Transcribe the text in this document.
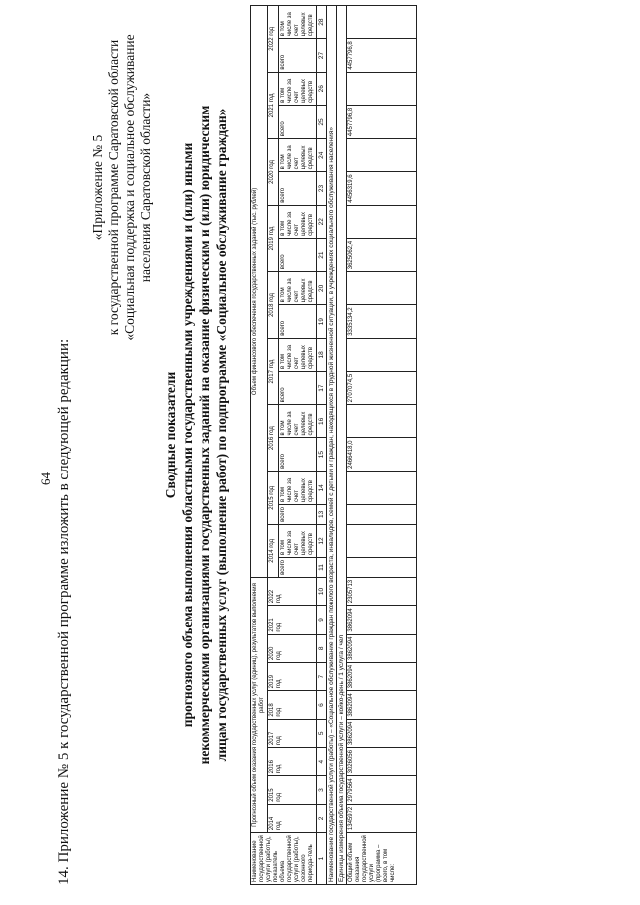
64 14. Приложение № 5 к государственной программе изложить в следующей редакции:
«Приложение № 5 к государственной программе Саратовской области «Социальная поддержка и социальное обслуживание населения Саратовской области»
Сводные показатели прогнозного объема выполнения областными государственными учреждениями и (или) иными некоммерческими организациями государственных заданий на оказание физическим и (или) юридическим лицам государственных услуг (выполнение работ) по подпрограмме «Социальное обслуживание граждан»
Наименование государственной услуги (работы), показатель объема государственной услуги (работы), сезонного периода-тель	Прогнозный объем оказания государственных услуг (единиц), результатов выполнения работ									Объем финансового обеспечения государственных заданий (тыс. рублей)																	
	2014 год	2015 год	2016 год	2017 год	2018 год	2019 год	2020 год	2021 год	2022 год	2014 год		2015 год		2016 год		2017 год		2018 год		2019 год		2020 год		2021 год		2022 год	
										всего	в том числе за счет целевых средств	всего	в том числе за счет целевых средств	всего	в том числе за счет целевых средств	всего	в том числе за счет целевых средств	всего	в том числе за счет целевых средств	всего	в том числе за счет целевых средств	всего	в том числе за счет целевых средств	всего	в том числе за счет целевых средств	всего	в том числе за счет целевых средств
1	2	3	4	5	6	7	8	9	10	11	12	13	14	15	16	17	18	19	20	21	22	23	24	25	26	27	28
Наименование государственной услуги (работы) – «Социальное обслуживание граждан пожилого возраста, инвалидов, семей с детьми и граждан, находящихся в трудной жизненной ситуации, в учреждениях социального обслуживания населения»																											
Единицы измерения объема государственной услуги – койко-день / 1 услуга / чел																											
Общий объем оказания государственной услуги (программа – всего, в том числе:	1345972	2979564	3026056	3862094	3862094	3862094	3862094	3862094	2305713					2466418,0		2707074,5		3335134,2		3625062,4		4456319,6		4457796,8		4457796,8	
